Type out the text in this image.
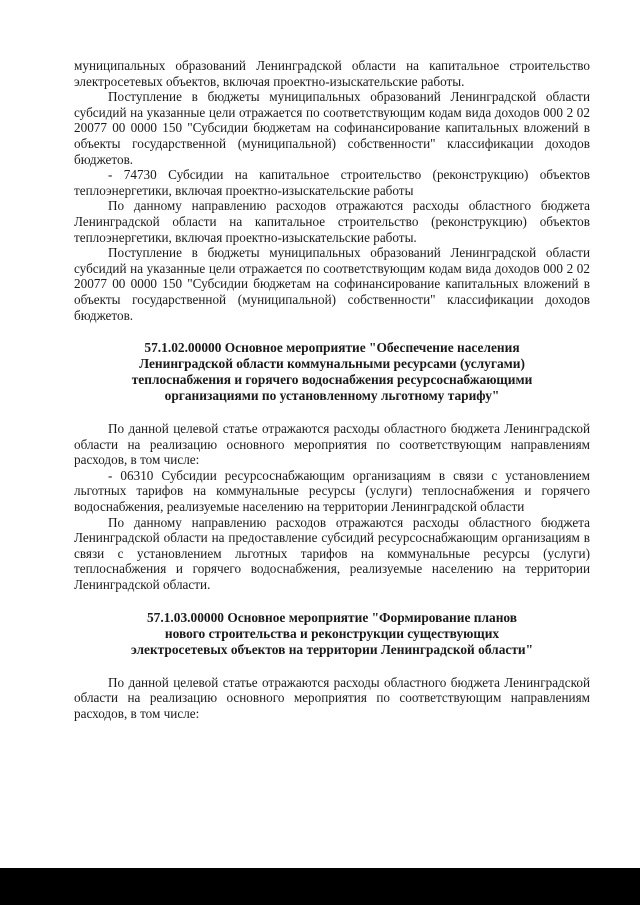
муниципальных образований Ленинградской области на капитальное строительство электросетевых объектов, включая проектно-изыскательские работы.

Поступление в бюджеты муниципальных образований Ленинградской области субсидий на указанные цели отражается по соответствующим кодам вида доходов 000 2 02 20077 00 0000 150 "Субсидии бюджетам на софинансирование капитальных вложений в объекты государственной (муниципальной) собственности" классификации доходов бюджетов.

- 74730 Субсидии на капитальное строительство (реконструкцию) объектов теплоэнергетики, включая проектно-изыскательские работы

По данному направлению расходов отражаются расходы областного бюджета Ленинградской области на капитальное строительство (реконструкцию) объектов теплоэнергетики, включая проектно-изыскательские работы.

Поступление в бюджеты муниципальных образований Ленинградской области субсидий на указанные цели отражается по соответствующим кодам вида доходов 000 2 02 20077 00 0000 150 "Субсидии бюджетам на софинансирование капитальных вложений в объекты государственной (муниципальной) собственности" классификации доходов бюджетов.

57.1.02.00000 Основное мероприятие "Обеспечение населения
Ленинградской области коммунальными ресурсами (услугами)
теплоснабжения и горячего водоснабжения ресурсоснабжающими
организациями по установленному льготному тарифу"

По данной целевой статье отражаются расходы областного бюджета Ленинградской области на реализацию основного мероприятия по соответствующим направлениям расходов, в том числе:

- 06310 Субсидии ресурсоснабжающим организациям в связи с установлением льготных тарифов на коммунальные ресурсы (услуги) теплоснабжения и горячего водоснабжения, реализуемые населению на территории Ленинградской области

По данному направлению расходов отражаются расходы областного бюджета Ленинградской области на предоставление субсидий ресурсоснабжающим организациям в связи с установлением льготных тарифов на коммунальные ресурсы (услуги) теплоснабжения и горячего водоснабжения, реализуемые населению на территории Ленинградской области.

57.1.03.00000 Основное мероприятие "Формирование планов
нового строительства и реконструкции существующих
электросетевых объектов на территории Ленинградской области"

По данной целевой статье отражаются расходы областного бюджета Ленинградской области на реализацию основного мероприятия по соответствующим направлениям расходов, в том числе:
